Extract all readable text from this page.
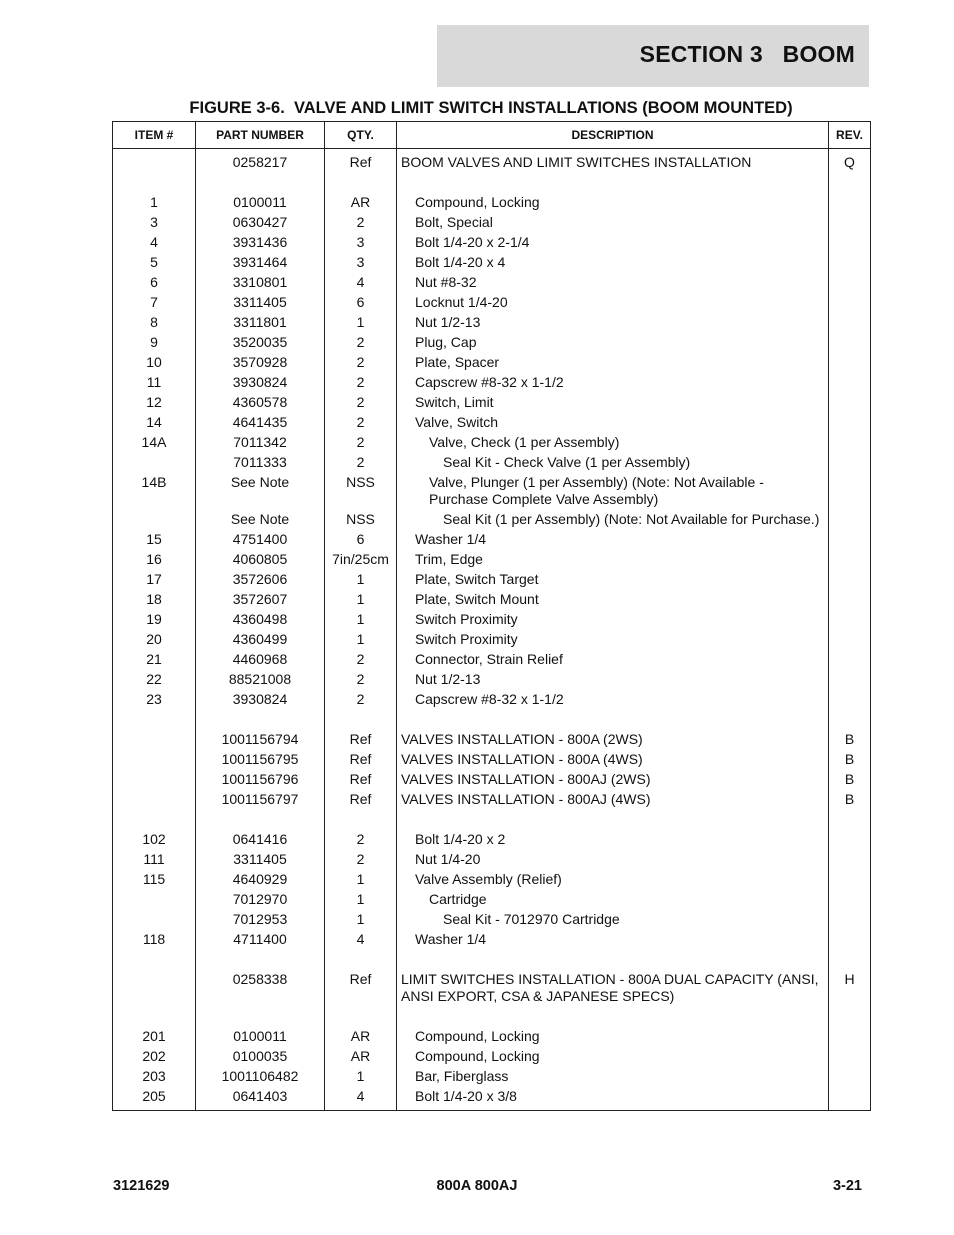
SECTION 3   BOOM
FIGURE 3-6.  VALVE AND LIMIT SWITCH INSTALLATIONS (BOOM MOUNTED)
ITEM #	PART NUMBER	QTY.	DESCRIPTION	REV.
	0258217	Ref	BOOM VALVES AND LIMIT SWITCHES INSTALLATION	Q

1	0100011	AR	Compound, Locking	

3	0630427	2	Bolt, Special	

4	3931436	3	Bolt 1/4-20 x 2-1/4	

5	3931464	3	Bolt 1/4-20 x 4	

6	3310801	4	Nut #8-32	

7	3311405	6	Locknut 1/4-20	

8	3311801	1	Nut 1/2-13	

9	3520035	2	Plug, Cap	

10	3570928	2	Plate, Spacer	

11	3930824	2	Capscrew #8-32 x 1-1/2	

12	4360578	2	Switch, Limit	

14	4641435	2	Valve, Switch	

14A	7011342	2	Valve, Check (1 per Assembly)	

	7011333	2	Seal Kit - Check Valve (1 per Assembly)	

14B	See Note	NSS	Valve, Plunger (1 per Assembly) (Note: Not Available - Purchase Complete Valve Assembly)	

	See Note	NSS	Seal Kit (1 per Assembly) (Note: Not Available for Purchase.)	

15	4751400	6	Washer 1/4	

16	4060805	7in/25cm	Trim, Edge	

17	3572606	1	Plate, Switch Target	

18	3572607	1	Plate, Switch Mount	

19	4360498	1	Switch Proximity	

20	4360499	1	Switch Proximity	

21	4460968	2	Connector, Strain Relief	

22	88521008	2	Nut 1/2-13	

23	3930824	2	Capscrew #8-32 x 1-1/2	

	1001156794	Ref	VALVES INSTALLATION - 800A (2WS)	B
	1001156795	Ref	VALVES INSTALLATION - 800A (4WS)	B
	1001156796	Ref	VALVES INSTALLATION - 800AJ (2WS)	B
	1001156797	Ref	VALVES INSTALLATION - 800AJ (4WS)	B

102	0641416	2	Bolt 1/4-20 x 2	

111	3311405	2	Nut 1/4-20	

115	4640929	1	Valve Assembly (Relief)	

	7012970	1	Cartridge	

	7012953	1	Seal Kit - 7012970 Cartridge	

118	4711400	4	Washer 1/4	

	0258338	Ref	LIMIT SWITCHES INSTALLATION - 800A DUAL CAPACITY (ANSI, ANSI EXPORT, CSA & JAPANESE SPECS)	H

201	0100011	AR	Compound, Locking	

202	0100035	AR	Compound, Locking	

203	1001106482	1	Bar, Fiberglass	

205	0641403	4	Bolt 1/4-20 x 3/8	

3121629	800A 800AJ	3-21
